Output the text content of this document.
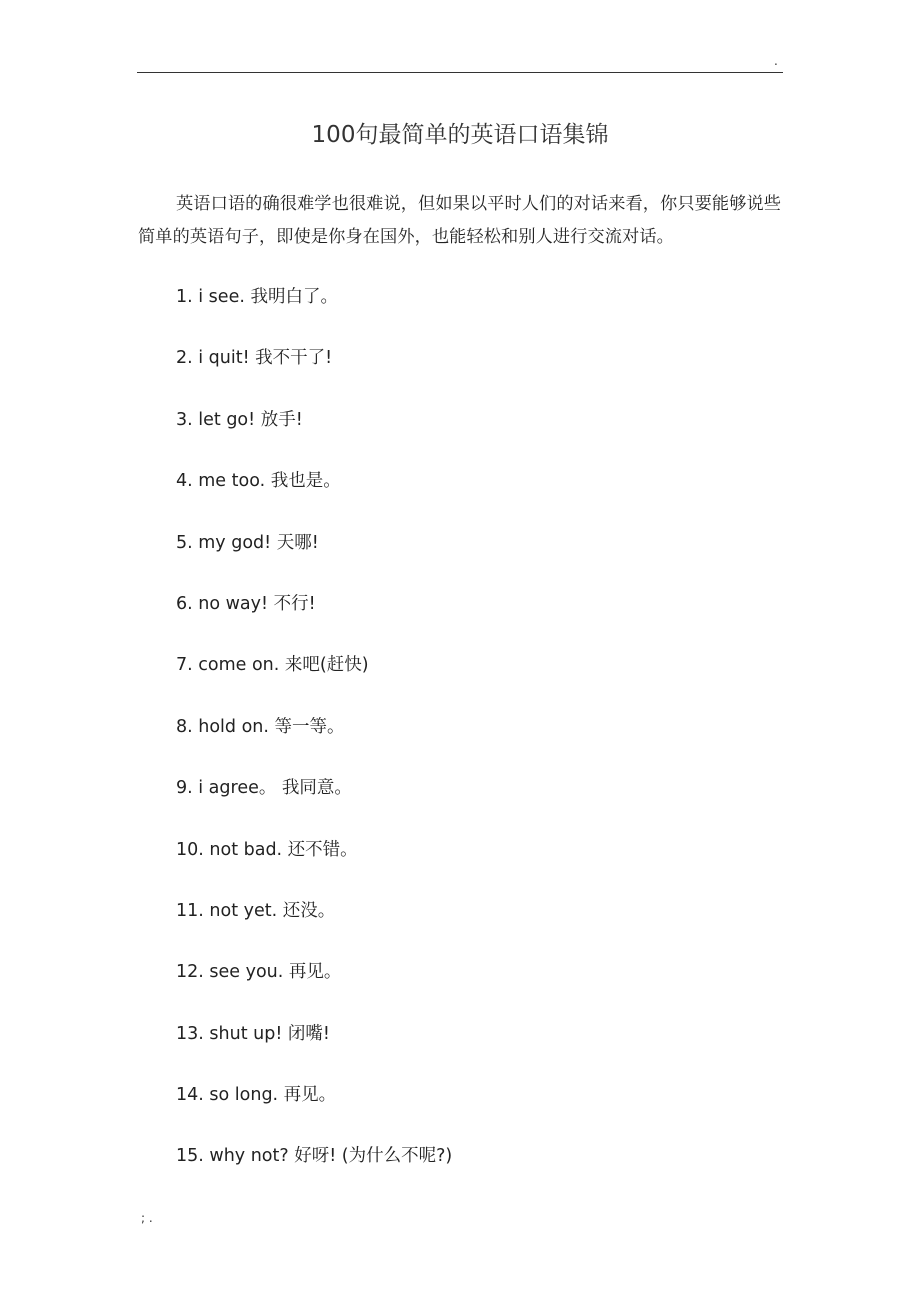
.
100句最简单的英语口语集锦

英语口语的确很难学也很难说，但如果以平时人们的对话来看，你只要能够说些简单的英语句子，即使是你身在国外，也能轻松和别人进行交流对话。

1. i see. 我明白了。
2. i quit! 我不干了!
3. let go! 放手!
4. me too. 我也是。
5. my god! 天哪!
6. no way! 不行!
7. come on. 来吧(赶快)
8. hold on. 等一等。
9. i agree。 我同意。
10. not bad. 还不错。
11. not yet. 还没。
12. see you. 再见。
13. shut up! 闭嘴!
14. so long. 再见。
15. why not? 好呀! (为什么不呢?)
; .
